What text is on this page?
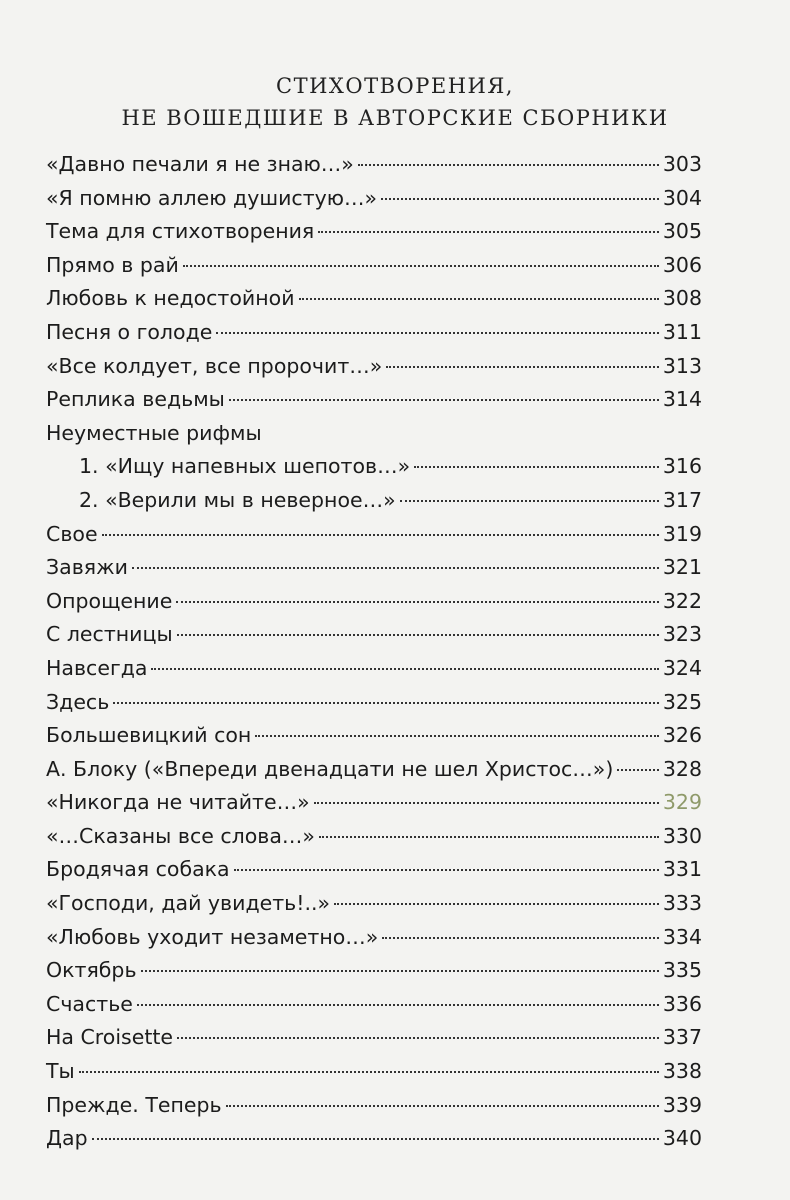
СТИХОТВОРЕНИЯ,
НЕ ВОШЕДШИЕ В АВТОРСКИЕ СБОРНИКИ
«Давно печали я не знаю…»	303
«Я помню аллею душистую…»	304
Тема для стихотворения	305
Прямо в рай	306
Любовь к недостойной	308
Песня о голоде	311
«Все колдует, все пророчит…»	313
Реплика ведьмы	314
Неуместные рифмы
1. «Ищу напевных шепотов…»	316
2. «Верили мы в неверное…»	317
Свое	319
Завяжи	321
Опрощение	322
С лестницы	323
Навсегда	324
Здесь	325
Большевицкий сон	326
А. Блоку («Впереди двенадцати не шел Христос…») 328
«Никогда не читайте…»	329
«…Сказаны все слова…»	330
Бродячая собака	331
«Господи, дай увидеть!..»	333
«Любовь уходит незаметно…»	334
Октябрь	335
Счастье	336
На Croisette	337
Ты	338
Прежде. Теперь	339
Дар	340
